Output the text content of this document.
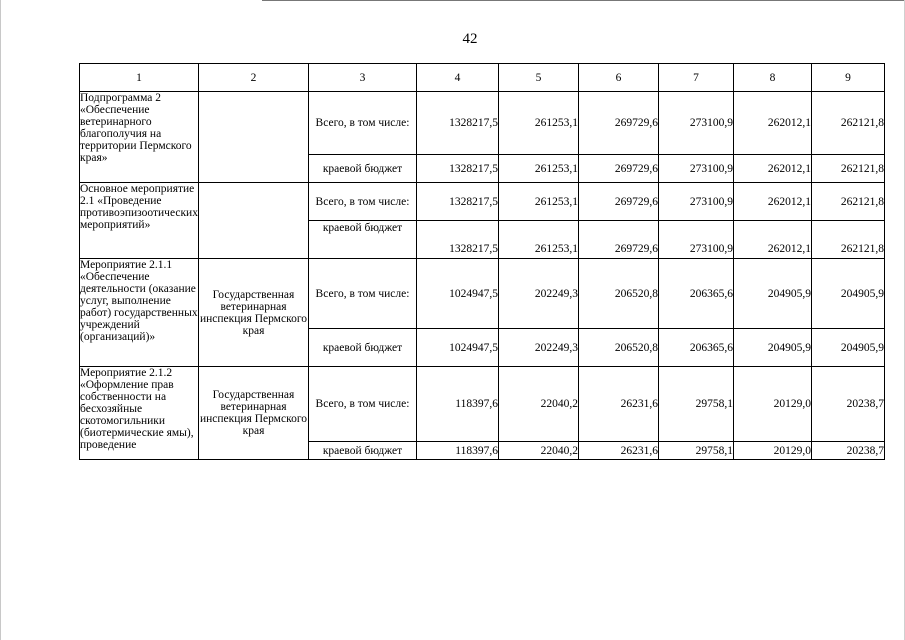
42
1	2	3	4	5	6	7	8	9
Подпрограмма 2 «Обеспечение ветеринарного благополучия на территории Пермского края»		Всего, в том числе:	1328217,5	261253,1	269729,6	273100,9	262012,1	262121,8
		краевой бюджет	1328217,5	261253,1	269729,6	273100,9	262012,1	262121,8
Основное мероприятие 2.1 «Проведение противоэпизоотических мероприятий»		Всего, в том числе:	1328217,5	261253,1	269729,6	273100,9	262012,1	262121,8
		краевой бюджет	1328217,5	261253,1	269729,6	273100,9	262012,1	262121,8
Мероприятие 2.1.1 «Обеспечение деятельности (оказание услуг, выполнение работ) государственных учреждений (организаций)»	Государственная ветеринарная инспекция Пермского края	Всего, в том числе:	1024947,5	202249,3	206520,8	206365,6	204905,9	204905,9
		краевой бюджет	1024947,5	202249,3	206520,8	206365,6	204905,9	204905,9
Мероприятие 2.1.2 «Оформление прав собственности на бесхозяйные скотомогильники (биотермические ямы), проведение	Государственная ветеринарная инспекция Пермского края	Всего, в том числе:	118397,6	22040,2	26231,6	29758,1	20129,0	20238,7
		краевой бюджет	118397,6	22040,2	26231,6	29758,1	20129,0	20238,7
